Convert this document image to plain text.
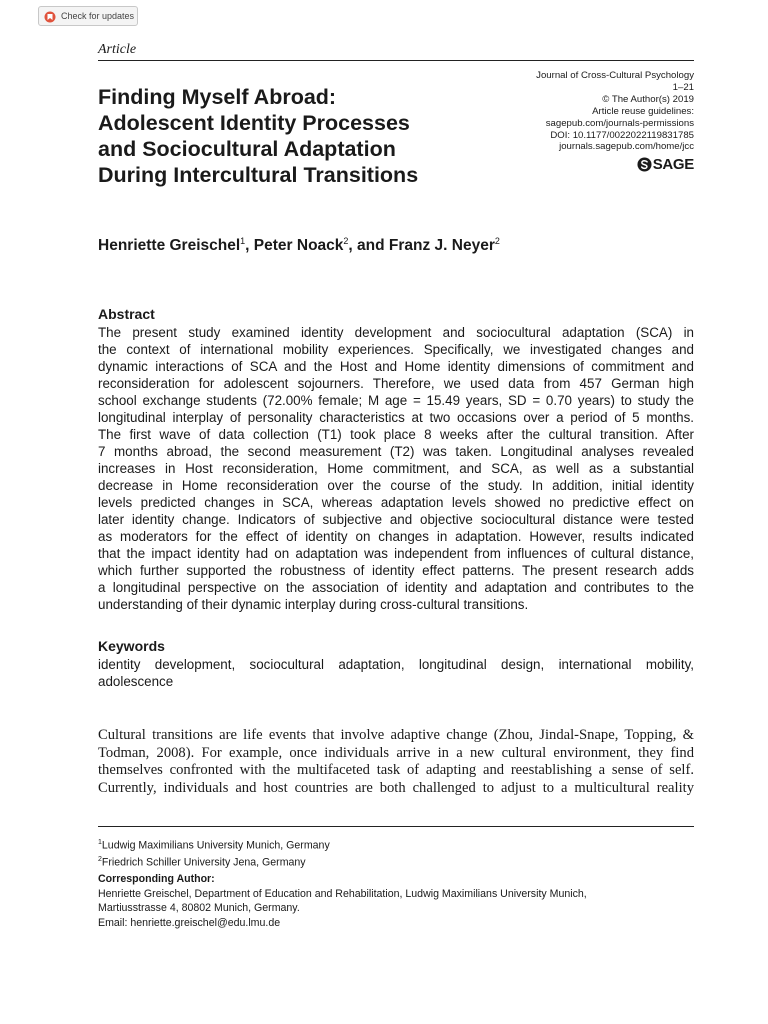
Check for updates
Article
Finding Myself Abroad:
Adolescent Identity Processes
and Sociocultural Adaptation
During Intercultural Transitions
Journal of Cross-Cultural Psychology
1–21
© The Author(s) 2019
Article reuse guidelines:
sagepub.com/journals-permissions
DOI: 10.1177/0022022119831785
journals.sagepub.com/home/jcc
SAGE
Henriette Greischel$^1$, Peter Noack$^2$, and Franz J. Neyer$^2$
Abstract
The present study examined identity development and sociocultural adaptation (SCA) in
the context of international mobility experiences. Specifically, we investigated changes and
dynamic interactions of SCA and the Host and Home identity dimensions of commitment and
reconsideration for adolescent sojourners. Therefore, we used data from 457 German high
school exchange students (72.00% female; M age = 15.49 years, SD = 0.70 years) to study the
longitudinal interplay of personality characteristics at two occasions over a period of 5 months.
The first wave of data collection (T1) took place 8 weeks after the cultural transition. After
7 months abroad, the second measurement (T2) was taken. Longitudinal analyses revealed
increases in Host reconsideration, Home commitment, and SCA, as well as a substantial
decrease in Home reconsideration over the course of the study. In addition, initial identity
levels predicted changes in SCA, whereas adaptation levels showed no predictive effect on
later identity change. Indicators of subjective and objective sociocultural distance were tested
as moderators for the effect of identity on changes in adaptation. However, results indicated
that the impact identity had on adaptation was independent from influences of cultural distance,
which further supported the robustness of identity effect patterns. The present research adds
a longitudinal perspective on the association of identity and adaptation and contributes to the
understanding of their dynamic interplay during cross-cultural transitions.
Keywords
identity development, sociocultural adaptation, longitudinal design, international mobility,
adolescence
Cultural transitions are life events that involve adaptive change (Zhou, Jindal-Snape, Topping, &
Todman, 2008). For example, once individuals arrive in a new cultural environment, they find
themselves confronted with the multifaceted task of adapting and reestablishing a sense of self.
Currently, individuals and host countries are both challenged to adjust to a multicultural reality
$^1$Ludwig Maximilians University Munich, Germany
$^2$Friedrich Schiller University Jena, Germany
Corresponding Author:
Henriette Greischel, Department of Education and Rehabilitation, Ludwig Maximilians University Munich,
Martiusstrasse 4, 80802 Munich, Germany.
Email: henriette.greischel@edu.lmu.de
